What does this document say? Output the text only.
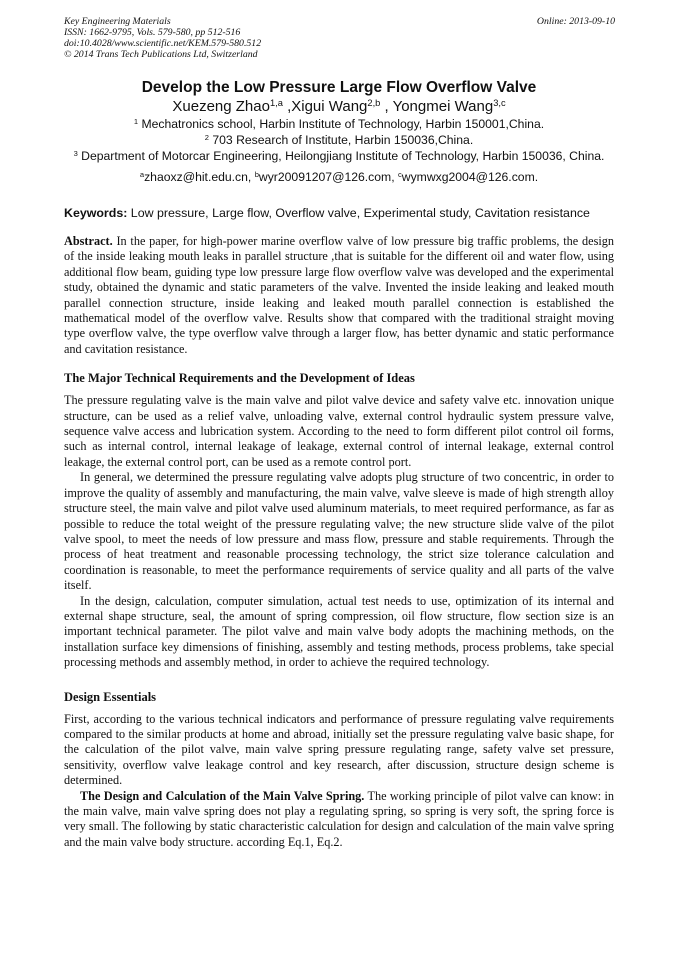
Key Engineering Materials
ISSN: 1662-9795, Vols. 579-580, pp 512-516
doi:10.4028/www.scientific.net/KEM.579-580.512
© 2014 Trans Tech Publications Ltd, Switzerland
Online: 2013-09-10
Develop the Low Pressure Large Flow Overflow Valve
Xuezeng Zhao$^{1,a}$ ,Xigui Wang$^{2,b}$ , Yongmei Wang$^{3,c}$
$^1$ Mechatronics school, Harbin Institute of Technology, Harbin 150001,China.
$^2$ 703 Research of Institute, Harbin 150036,China.
$^3$ Department of Motorcar Engineering, Heilongjiang Institute of Technology, Harbin 150036, China.
$^a$zhaoxz@hit.edu.cn, $^b$wyr20091207@126.com, $^c$wymwxg2004@126.com.
Keywords: Low pressure, Large flow, Overflow valve, Experimental study, Cavitation resistance

Abstract. In the paper, for high-power marine overflow valve of low pressure big traffic problems, the design of the inside leaking mouth leaks in parallel structure ,that is suitable for the different oil and water flow, using additional flow beam, guiding type low pressure large flow overflow valve was developed and the experimental study, obtained the dynamic and static parameters of the valve. Invented the inside leaking and leaked mouth parallel connection structure, inside leaking and leaked mouth parallel connection is established the mathematical model of the overflow valve. Results show that compared with the traditional straight moving type overflow valve, the type overflow valve through a larger flow, has better dynamic and static performance and cavitation resistance.

The Major Technical Requirements and the Development of Ideas

The pressure regulating valve is the main valve and pilot valve device and safety valve etc. innovation unique structure, can be used as a relief valve, unloading valve, external control hydraulic system pressure valve, sequence valve access and lubrication system. According to the need to form different pilot control oil forms, such as internal control, internal leakage of leakage, external control of internal leakage, external control leakage, the external control port, can be used as a remote control port.

In general, we determined the pressure regulating valve adopts plug structure of two concentric, in order to improve the quality of assembly and manufacturing, the main valve, valve sleeve is made of high strength alloy structure steel, the main valve and pilot valve used aluminum materials, to meet required performance, as far as possible to reduce the total weight of the pressure regulating valve; the new structure slide valve of the pilot valve spool, to meet the needs of low pressure and mass flow, pressure and stable requirements. Through the process of heat treatment and reasonable processing technology, the strict size tolerance calculation and coordination is reasonable, to meet the performance requirements of service quality and all parts of the valve itself.

In the design, calculation, computer simulation, actual test needs to use, optimization of its internal and external shape structure, seal, the amount of spring compression, oil flow structure, flow section size is an important technical parameter. The pilot valve and main valve body adopts the machining methods, on the installation surface key dimensions of finishing, assembly and testing methods, process problems, take special processing methods and assembly method, in order to achieve the required technology.

Design Essentials

First, according to the various technical indicators and performance of pressure regulating valve requirements compared to the similar products at home and abroad, initially set the pressure regulating valve basic shape, for the calculation of the pilot valve, main valve spring pressure regulating range, safety valve set pressure, sensitivity, overflow valve leakage control and key research, after discussion, structure design scheme is determined.

The Design and Calculation of the Main Valve Spring. The working principle of pilot valve can know: in the main valve, main valve spring does not play a regulating spring, so spring is very soft, the spring force is very small. The following by static characteristic calculation for design and calculation of the main valve spring and the main valve body structure. according Eq.1, Eq.2.
